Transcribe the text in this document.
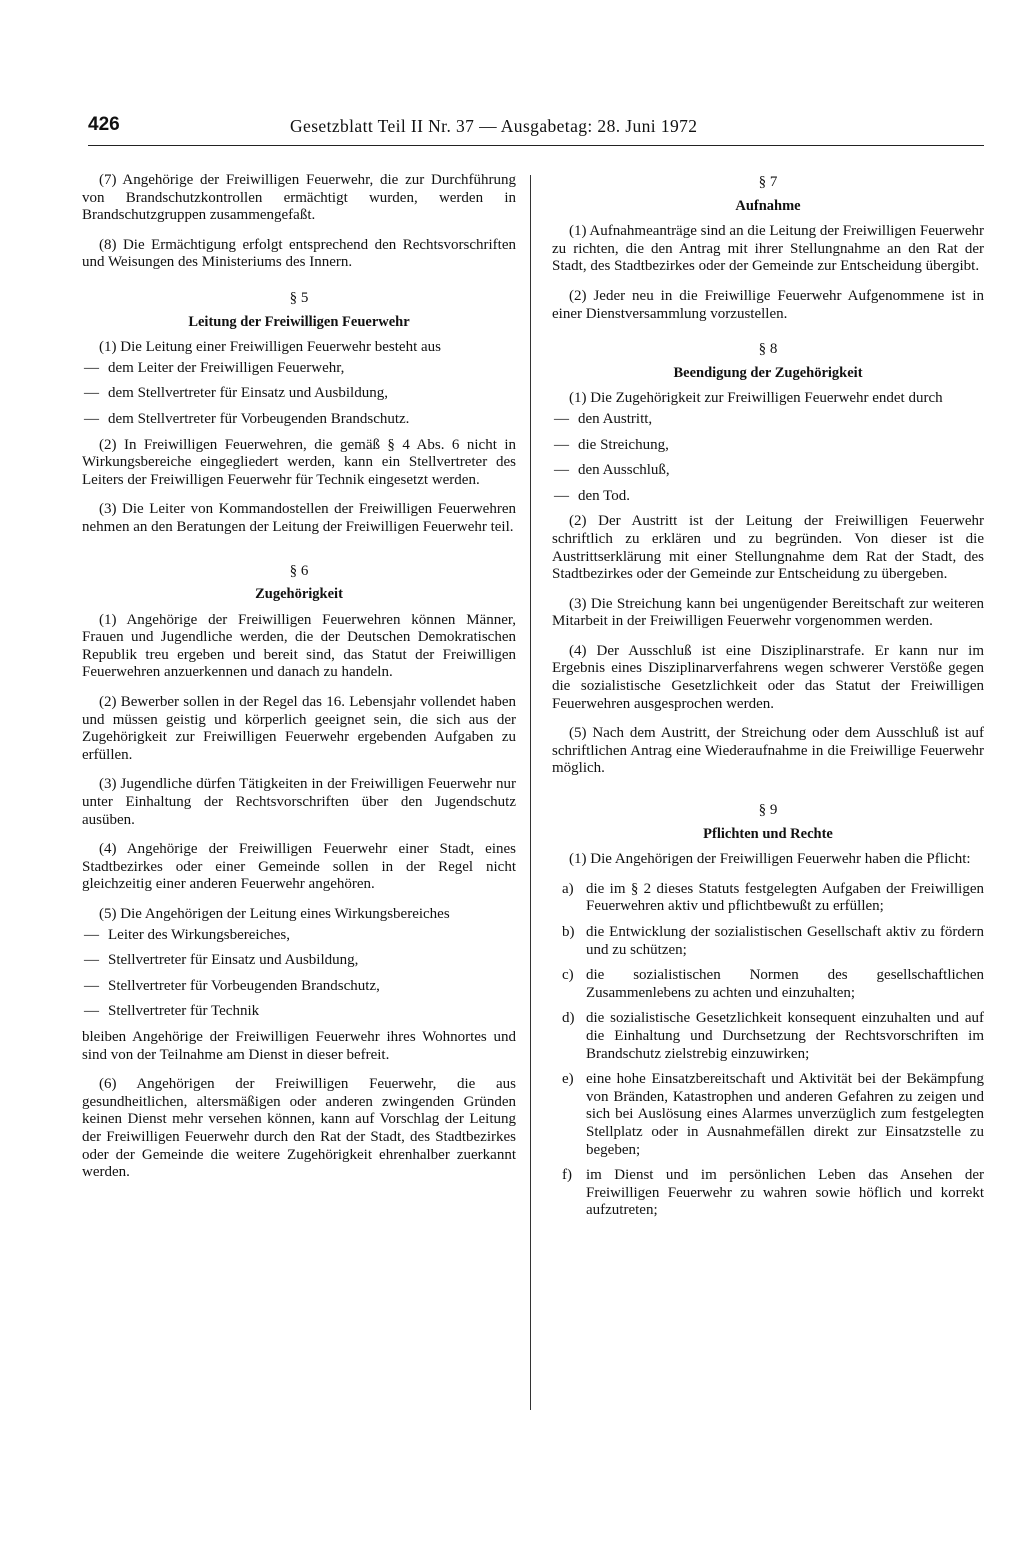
426	Gesetzblatt Teil II Nr. 37 — Ausgabetag: 28. Juni 1972

(7) Angehörige der Freiwilligen Feuerwehr, die zur Durchführung von Brandschutzkontrollen ermächtigt wurden, werden in Brandschutzgruppen zusammengefaßt.

(8) Die Ermächtigung erfolgt entsprechend den Rechtsvorschriften und Weisungen des Ministeriums des Innern.

§ 5
Leitung der Freiwilligen Feuerwehr

(1) Die Leitung einer Freiwilligen Feuerwehr besteht aus

— dem Leiter der Freiwilligen Feuerwehr,
— dem Stellvertreter für Einsatz und Ausbildung,
— dem Stellvertreter für Vorbeugenden Brandschutz.

(2) In Freiwilligen Feuerwehren, die gemäß § 4 Abs. 6 nicht in Wirkungsbereiche eingegliedert werden, kann ein Stellvertreter des Leiters der Freiwilligen Feuerwehr für Technik eingesetzt werden.

(3) Die Leiter von Kommandostellen der Freiwilligen Feuerwehren nehmen an den Beratungen der Leitung der Freiwilligen Feuerwehr teil.

§ 6
Zugehörigkeit

(1) Angehörige der Freiwilligen Feuerwehren können Männer, Frauen und Jugendliche werden, die der Deutschen Demokratischen Republik treu ergeben und bereit sind, das Statut der Freiwilligen Feuerwehren anzuerkennen und danach zu handeln.

(2) Bewerber sollen in der Regel das 16. Lebensjahr vollendet haben und müssen geistig und körperlich geeignet sein, die sich aus der Zugehörigkeit zur Freiwilligen Feuerwehr ergebenden Aufgaben zu erfüllen.

(3) Jugendliche dürfen Tätigkeiten in der Freiwilligen Feuerwehr nur unter Einhaltung der Rechtsvorschriften über den Jugendschutz ausüben.

(4) Angehörige der Freiwilligen Feuerwehr einer Stadt, eines Stadtbezirkes oder einer Gemeinde sollen in der Regel nicht gleichzeitig einer anderen Feuerwehr angehören.

(5) Die Angehörigen der Leitung eines Wirkungsbereiches

— Leiter des Wirkungsbereiches,
— Stellvertreter für Einsatz und Ausbildung,
— Stellvertreter für Vorbeugenden Brandschutz,
— Stellvertreter für Technik

bleiben Angehörige der Freiwilligen Feuerwehr ihres Wohnortes und sind von der Teilnahme am Dienst in dieser befreit.

(6) Angehörigen der Freiwilligen Feuerwehr, die aus gesundheitlichen, altersmäßigen oder anderen zwingenden Gründen keinen Dienst mehr versehen können, kann auf Vorschlag der Leitung der Freiwilligen Feuerwehr durch den Rat der Stadt, des Stadtbezirkes oder der Gemeinde die weitere Zugehörigkeit ehrenhalber zuerkannt werden.

§ 7
Aufnahme

(1) Aufnahmeanträge sind an die Leitung der Freiwilligen Feuerwehr zu richten, die den Antrag mit ihrer Stellungnahme an den Rat der Stadt, des Stadtbezirkes oder der Gemeinde zur Entscheidung übergibt.

(2) Jeder neu in die Freiwillige Feuerwehr Aufgenommene ist in einer Dienstversammlung vorzustellen.

§ 8
Beendigung der Zugehörigkeit

(1) Die Zugehörigkeit zur Freiwilligen Feuerwehr endet durch

— den Austritt,
— die Streichung,
— den Ausschluß,
— den Tod.

(2) Der Austritt ist der Leitung der Freiwilligen Feuerwehr schriftlich zu erklären und zu begründen. Von dieser ist die Austrittserklärung mit einer Stellungnahme dem Rat der Stadt, des Stadtbezirkes oder der Gemeinde zur Entscheidung zu übergeben.

(3) Die Streichung kann bei ungenügender Bereitschaft zur weiteren Mitarbeit in der Freiwilligen Feuerwehr vorgenommen werden.

(4) Der Ausschluß ist eine Disziplinarstrafe. Er kann nur im Ergebnis eines Disziplinarverfahrens wegen schwerer Verstöße gegen die sozialistische Gesetzlichkeit oder das Statut der Freiwilligen Feuerwehren ausgesprochen werden.

(5) Nach dem Austritt, der Streichung oder dem Ausschluß ist auf schriftlichen Antrag eine Wiederaufnahme in die Freiwillige Feuerwehr möglich.

§ 9
Pflichten und Rechte

(1) Die Angehörigen der Freiwilligen Feuerwehr haben die Pflicht:

a) die im § 2 dieses Statuts festgelegten Aufgaben der Freiwilligen Feuerwehren aktiv und pflichtbewußt zu erfüllen;
b) die Entwicklung der sozialistischen Gesellschaft aktiv zu fördern und zu schützen;
c) die sozialistischen Normen des gesellschaftlichen Zusammenlebens zu achten und einzuhalten;
d) die sozialistische Gesetzlichkeit konsequent einzuhalten und auf die Einhaltung und Durchsetzung der Rechtsvorschriften im Brandschutz zielstrebig einzuwirken;
e) eine hohe Einsatzbereitschaft und Aktivität bei der Bekämpfung von Bränden, Katastrophen und anderen Gefahren zu zeigen und sich bei Auslösung eines Alarmes unverzüglich zum festgelegten Stellplatz oder in Ausnahmefällen direkt zur Einsatzstelle zu begeben;
f) im Dienst und im persönlichen Leben das Ansehen der Freiwilligen Feuerwehr zu wahren sowie höflich und korrekt aufzutreten;
